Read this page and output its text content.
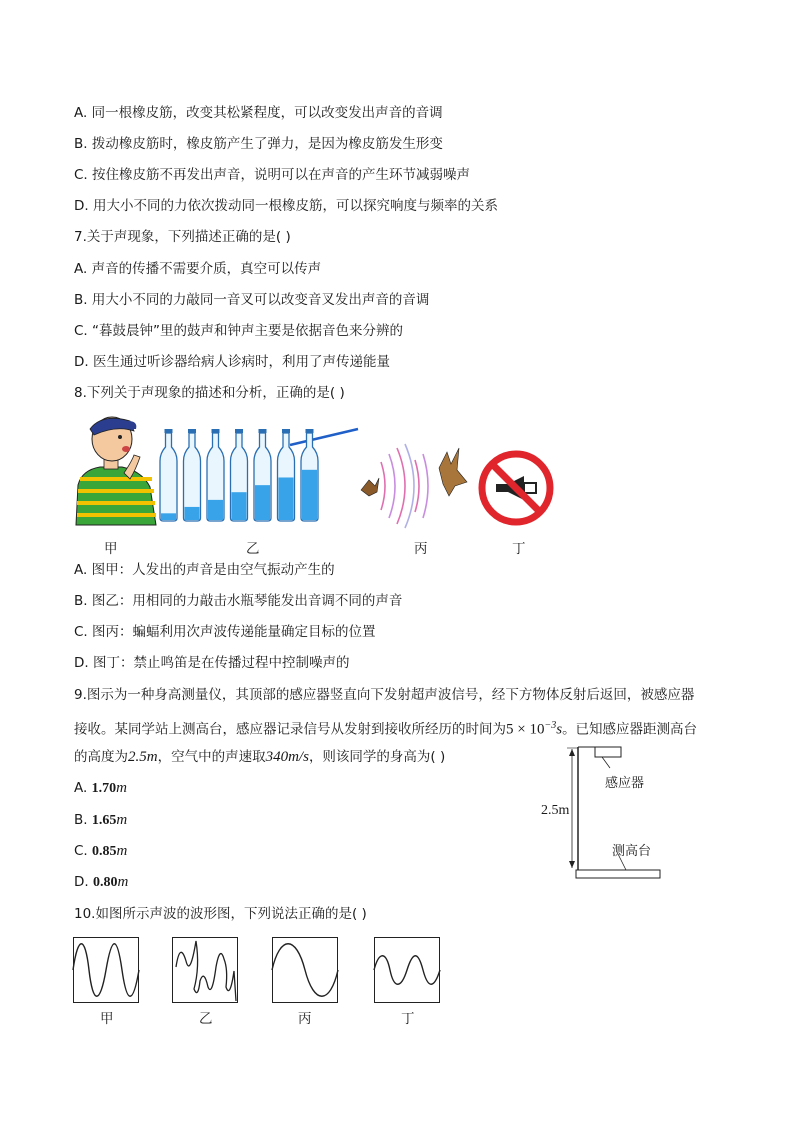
A. 同一根橡皮筋，改变其松紧程度，可以改变发出声音的音调
B. 拨动橡皮筋时，橡皮筋产生了弹力，是因为橡皮筋发生形变
C. 按住橡皮筋不再发出声音，说明可以在声音的产生环节减弱噪声
D. 用大小不同的力依次拨动同一根橡皮筋，可以探究响度与频率的关系
7.关于声现象，下列描述正确的是( )
A. 声音的传播不需要介质，真空可以传声
B. 用大小不同的力敲同一音叉可以改变音叉发出声音的音调
C. “暮鼓晨钟”里的鼓声和钟声主要是依据音色来分辨的
D. 医生通过听诊器给病人诊病时，利用了声传递能量
8.下列关于声现象的描述和分析，正确的是( )
甲	乙	丙	丁
A. 图甲：人发出的声音是由空气振动产生的
B. 图乙：用相同的力敲击水瓶琴能发出音调不同的声音
C. 图丙：蝙蝠利用次声波传递能量确定目标的位置
D. 图丁：禁止鸣笛是在传播过程中控制噪声的
9.图示为一种身高测量仪，其顶部的感应器竖直向下发射超声波信号，经下方物体反射后返回，被感应器
接收。某同学站上测高台，感应器记录信号从发射到接收所经历的时间为$5 \times 10^{-3}s$。已知感应器距测高台
的高度为2.5m，空气中的声速取340m/s，则该同学的身高为( )
A. 1.70m
B. 1.65m
C. 0.85m
D. 0.80m
2.5m
感应器
测高台
10.如图所示声波的波形图，下列说法正确的是( )
甲	乙	丙	丁
